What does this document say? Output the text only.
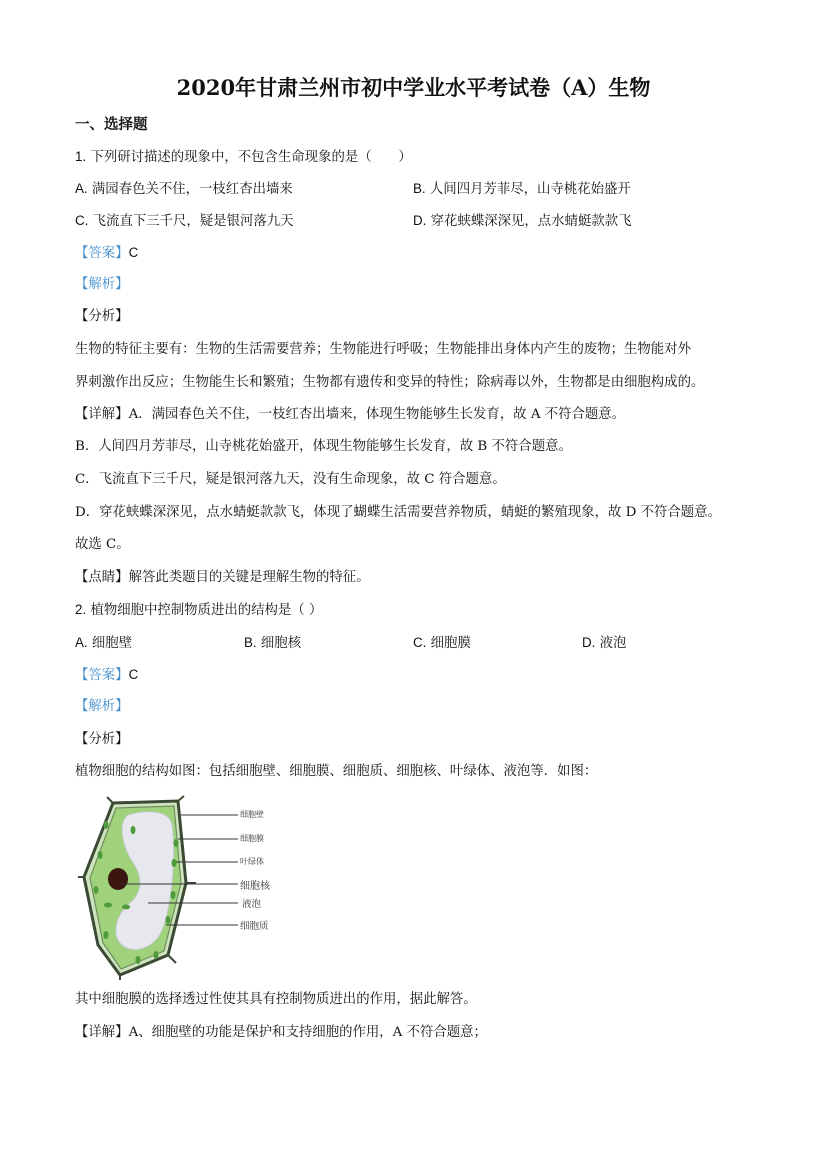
2020年甘肃兰州市初中学业水平考试卷（A）生物
一、选择题
1. 下列研讨描述的现象中，不包含生命现象的是（　　）
A. 满园春色关不住，一枝红杏出墙来	B. 人间四月芳菲尽，山寺桃花始盛开
C. 飞流直下三千尺，疑是银河落九天	D. 穿花蛱蝶深深见，点水蜻蜓款款飞
【答案】C
【解析】
【分析】
生物的特征主要有：生物的生活需要营养；生物能进行呼吸；生物能排出身体内产生的废物；生物能对外
界刺激作出反应；生物能生长和繁殖；生物都有遗传和变异的特性；除病毒以外，生物都是由细胞构成的。
【详解】A．满园春色关不住，一枝红杏出墙来，体现生物能够生长发育，故 A 不符合题意。
B．人间四月芳菲尽，山寺桃花始盛开，体现生物能够生长发育，故 B 不符合题意。
C．飞流直下三千尺，疑是银河落九天，没有生命现象，故 C 符合题意。
D．穿花蛱蝶深深见，点水蜻蜓款款飞，体现了蝴蝶生活需要营养物质，蜻蜓的繁殖现象，故 D 不符合题意。
故选 C。
【点睛】解答此类题目的关键是理解生物的特征。
2. 植物细胞中控制物质进出的结构是（ ）
A. 细胞壁	B. 细胞核	C. 细胞膜	D. 液泡
【答案】C
【解析】
【分析】
植物细胞的结构如图：包括细胞壁、细胞膜、细胞质、细胞核、叶绿体、液泡等．如图：
细胞壁
细胞膜
叶绿体
细胞核
液泡
细胞质
其中细胞膜的选择透过性使其具有控制物质进出的作用，据此解答。
【详解】A、细胞壁的功能是保护和支持细胞的作用，A 不符合题意；
